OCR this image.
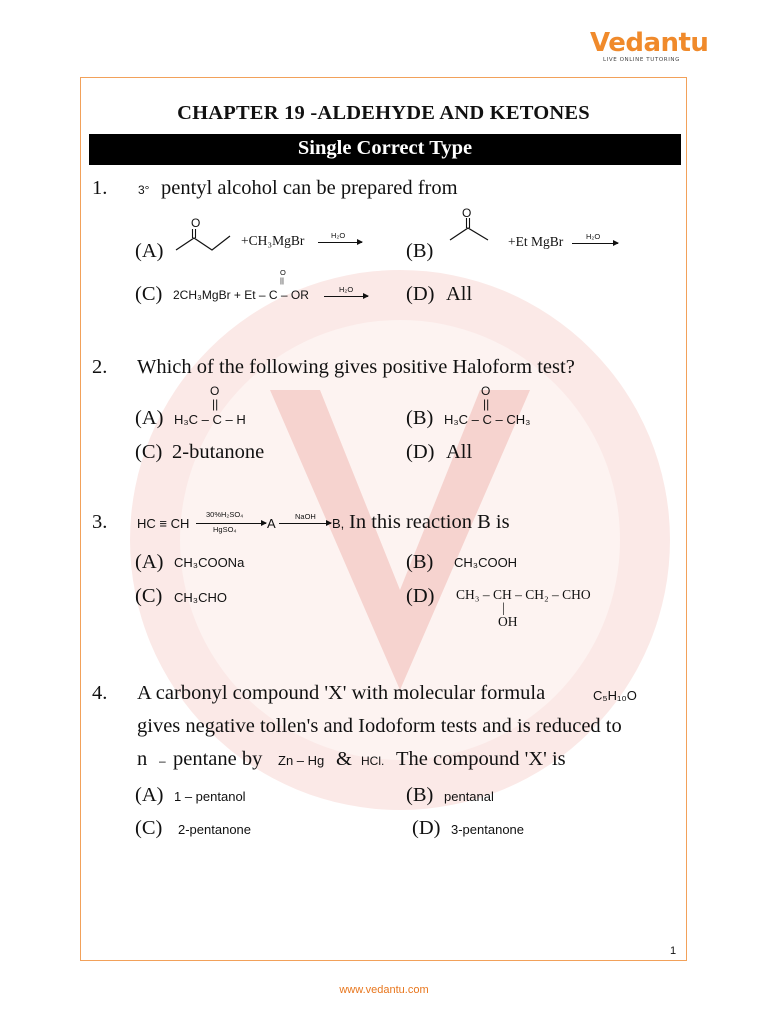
Vedantu
LIVE ONLINE TUTORING
CHAPTER 19 -ALDEHYDE AND KETONES
Single Correct Type
1.	3° pentyl alcohol can be prepared from
(A)
O
+CH₃MgBr	H₂O
(B)
O
+Et MgBr	H₂O
(C)
O
||
2CH₃MgBr + Et – C – OR	H₂O	(D) All
2. Which of the following gives positive Haloform test?
(A)
O
||
H₃C – C – H	(B)
O
||
H₃C – C – CH₃
(C) 2-butanone	(D) All
3. HC ≡ CH
30%H₂SO₄
HgSO₄ A	NaOH B, In this reaction B is
(A) CH₃COONa	(B) CH₃COOH
(C) CH₃CHO	(D) CH₃ – CH – CH₂ – CHO
|
OH
4. A carbonyl compound 'X' with molecular formula	C₅H₁₀O
gives negative tollen's and Iodoform tests and is reduced to
n – pentane by Zn – Hg & HCl. The compound 'X' is
(A) 1 – pentanol	(B) pentanal
(C) 2-pentanone	(D) 3-pentanone
1
www.vedantu.com
